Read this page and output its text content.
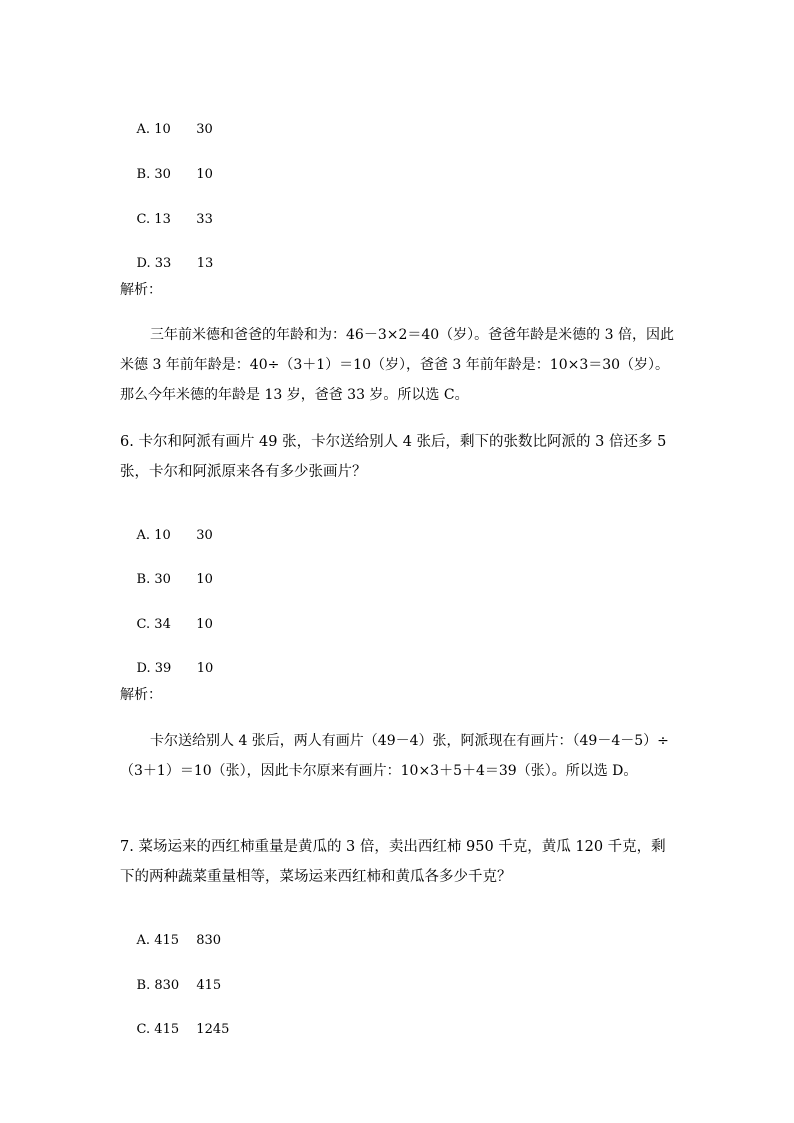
A. 10 30

B. 30 10

C. 13 33

D. 33 13

解析：
三年前米德和爸爸的年龄和为：46－3×2＝40（岁）。爸爸年龄是米德的 3 倍，因此米德 3 年前年龄是：40÷（3＋1）＝10（岁），爸爸 3 年前年龄是：10×3＝30（岁）。那么今年米德的年龄是 13 岁，爸爸 33 岁。所以选 C。
6. 卡尔和阿派有画片 49 张，卡尔送给别人 4 张后，剩下的张数比阿派的 3 倍还多 5 张，卡尔和阿派原来各有多少张画片？

A. 10 30

B. 30 10

C. 34 10

D. 39 10

解析：
卡尔送给别人 4 张后，两人有画片（49－4）张，阿派现在有画片：（49－4－5）÷（3＋1）＝10（张），因此卡尔原来有画片：10×3＋5＋4＝39（张）。所以选 D。
7. 菜场运来的西红柿重量是黄瓜的 3 倍，卖出西红柿 950 千克，黄瓜 120 千克，剩下的两种蔬菜重量相等，菜场运来西红柿和黄瓜各多少千克？

A. 415 830

B. 830 415

C. 415 1245
